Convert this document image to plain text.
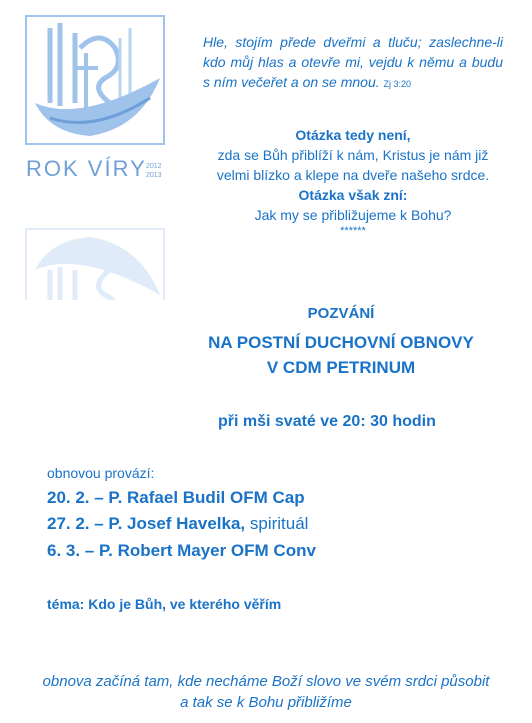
ROK VÍRY 2012
2013
Hle, stojím přede dveřmi a tluču; zaslechne-li kdo můj hlas a otevře mi, vejdu k němu a budu s ním večeřet a on se mnou. Zj 3:20
Otázka tedy není,
zda se Bůh přiblíží k nám, Kristus je nám již velmi blízko a klepe na dveře našeho srdce.
Otázka však zní:
Jak my se přibližujeme k Bohu?
******
POZVÁNÍ
NA POSTNÍ DUCHOVNÍ OBNOVY
V CDM PETRINUM
při mši svaté ve 20: 30 hodin
obnovou provází:
20. 2. – P. Rafael Budil OFM Cap
27. 2. – P. Josef Havelka, spirituál
6. 3. – P. Robert Mayer OFM Conv
téma: Kdo je Bůh, ve kterého věřím
obnova začíná tam, kde necháme Boží slovo ve svém srdci působit a tak se k Bohu přibližíme
